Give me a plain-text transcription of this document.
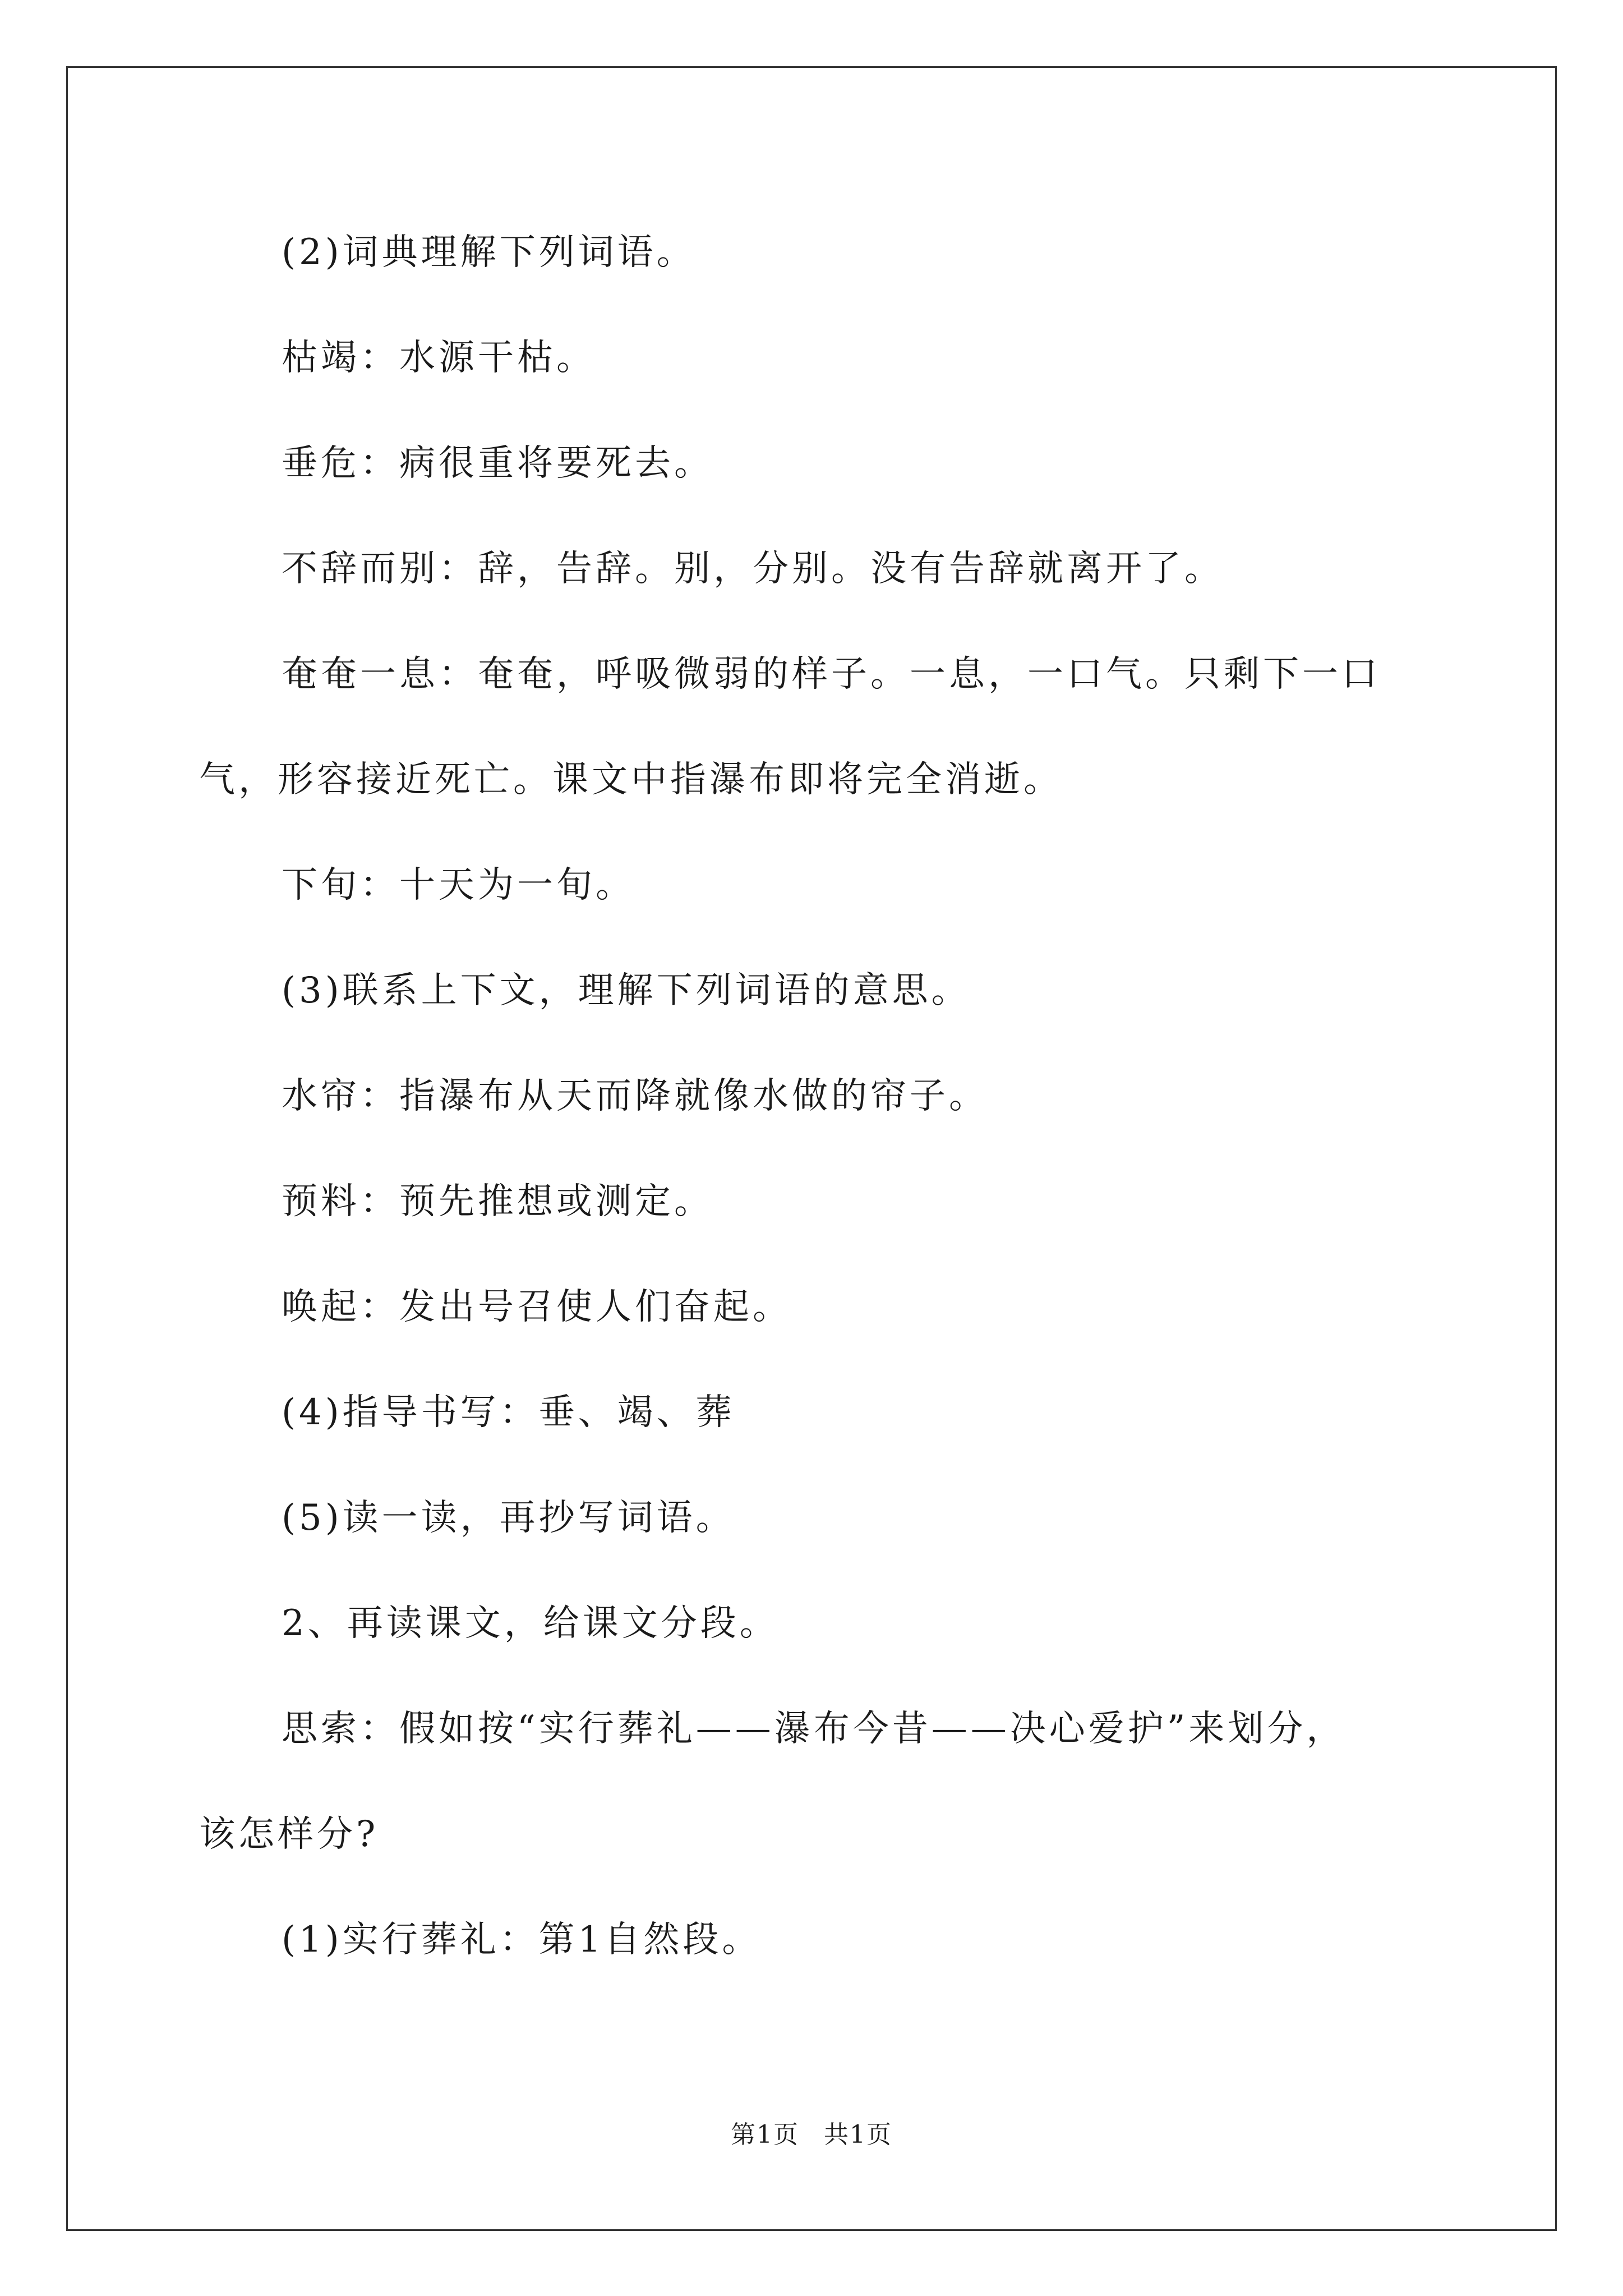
(2)词典理解下列词语。
枯竭：水源干枯。
垂危：病很重将要死去。
不辞而别：辞，告辞。别，分别。没有告辞就离开了。
奄奄一息：奄奄，呼吸微弱的样子。一息，一口气。只剩下一口
气，形容接近死亡。课文中指瀑布即将完全消逝。
下旬：十天为一旬。
(3)联系上下文，理解下列词语的意思。
水帘：指瀑布从天而降就像水做的帘子。
预料：预先推想或测定。
唤起：发出号召使人们奋起。
(4)指导书写：垂、竭、葬
(5)读一读，再抄写词语。
2、再读课文，给课文分段。
思索：假如按“实行葬礼——瀑布今昔——决心爱护”来划分，
该怎样分?
(1)实行葬礼：第1自然段。
第1页 共1页
